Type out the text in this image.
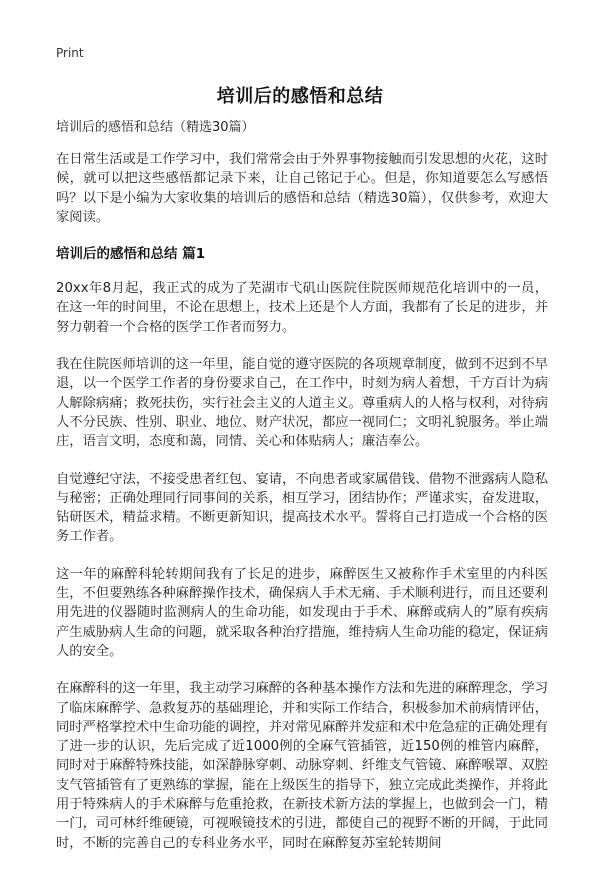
Print
培训后的感悟和总结

培训后的感悟和总结（精选30篇）

在日常生活或是工作学习中，我们常常会由于外界事物接触而引发思想的火花，这时候，就可以把这些感悟都记录下来，让自己铭记于心。但是，你知道要怎么写感悟吗？以下是小编为大家收集的培训后的感悟和总结（精选30篇），仅供参考，欢迎大家阅读。

培训后的感悟和总结 篇1

20xx年8月起，我正式的成为了芜湖市弋矶山医院住院医师规范化培训中的一员，在这一年的时间里，不论在思想上，技术上还是个人方面，我都有了长足的进步，并努力朝着一个合格的医学工作者而努力。

我在住院医师培训的这一年里，能自觉的遵守医院的各项规章制度，做到不迟到不早退，以一个医学工作者的身份要求自己，在工作中，时刻为病人着想，千方百计为病人解除病痛；救死扶伤，实行社会主义的人道主义。尊重病人的人格与权利，对待病人不分民族、性别、职业、地位、财产状况，都应一视同仁；文明礼貌服务。举止端庄，语言文明，态度和蔼，同情、关心和体贴病人；廉洁奉公。

自觉遵纪守法，不接受患者红包、宴请，不向患者或家属借钱、借物不泄露病人隐私与秘密；正确处理同行同事间的关系，相互学习，团结协作；严谨求实，奋发进取，钻研医术，精益求精。不断更新知识，提高技术水平。誓将自己打造成一个合格的医务工作者。

这一年的麻醉科轮转期间我有了长足的进步，麻醉医生又被称作手术室里的内科医生，不但要熟练各种麻醉操作技术，确保病人手术无痛、手术顺利进行，而且还要利用先进的仪器随时监测病人的生命功能，如发现由于手术、麻醉或病人的”原有疾病产生威胁病人生命的问题，就采取各种治疗措施，维持病人生命功能的稳定，保证病人的安全。

在麻醉科的这一年里，我主动学习麻醉的各种基本操作方法和先进的麻醉理念，学习了临床麻醉学、急救复苏的基础理论，并和实际工作结合，积极参加术前病情评估，同时严格掌控术中生命功能的调控，并对常见麻醉并发症和术中危急症的正确处理有了进一步的认识，先后完成了近1000例的全麻气管插管，近150例的椎管内麻醉，同时对于麻醉特殊技能，如深静脉穿刺、动脉穿刺、纤维支气管镜、麻醉喉罩、双腔支气管插管有了更熟练的掌握，能在上级医生的指导下，独立完成此类操作，并将此用于特殊病人的手术麻醉与危重抢救，在新技术新方法的掌握上，也做到会一门，精一门，司可林纤维硬镜，可视喉镜技术的引进，都使自己的视野不断的开阔，于此同时，不断的完善自己的专科业务水平，同时在麻醉复苏室轮转期间
